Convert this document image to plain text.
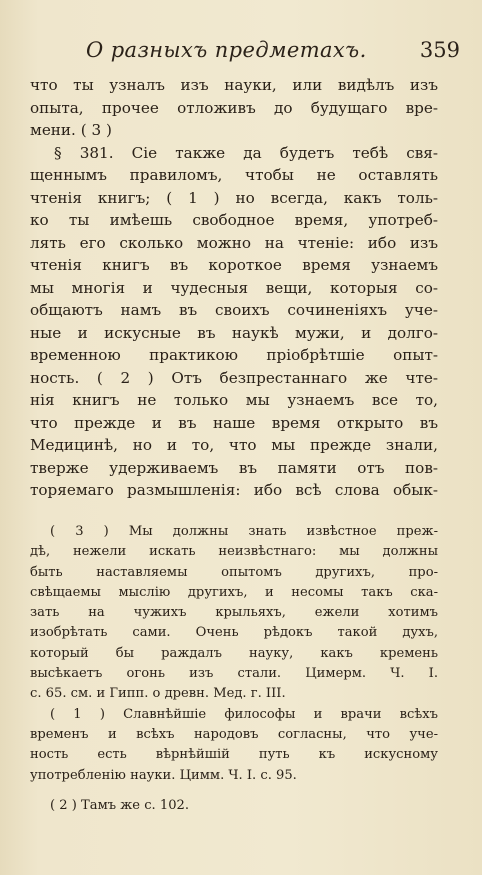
О разныхъ предметахъ.	359
что ты узналъ изъ науки, или видѣлъ изъ
опыта, прочее отложивъ до будущаго вре-
мени. ( 3 )
§ 381. Сіе также да будетъ тебѣ свя-
щеннымъ правиломъ, чтобы не оставлять
чтенія книгъ; ( 1 ) но всегда, какъ толь-
ко ты имѣешь свободное время, употреб-
лять его сколько можно на чтеніе: ибо изъ
чтенія книгъ въ короткое время узнаемъ
мы многія и чудесныя вещи, которыя со-
общаютъ намъ въ своихъ сочиненіяхъ уче-
ные и искусные въ наукѣ мужи, и долго-
временною практикою пріобрѣтшіе опыт-
ность. ( 2 ) Отъ безпрестаннаго же чте-
нія книгъ не только мы узнаемъ все то,
что прежде и въ наше время открыто въ
Медицинѣ, но и то, что мы прежде знали,
тверже удерживаемъ въ памяти отъ пов-
торяемаго размышленія: ибо всѣ слова обык-
( 3 ) Мы должны знать извѣстное преж-
дѣ, нежели искать неизвѣстнаго: мы должны
быть наставляемы опытомъ другихъ, про-
свѣщаемы мыслію другихъ, и несомы такъ ска-
зать на чужихъ крыльяхъ, ежели хотимъ
изобрѣтать сами. Очень рѣдокъ такой духъ,
который бы раждалъ науку, какъ кремень
высѣкаетъ огонь изъ стали. Цимерм. Ч. I.
с. 65. см. и Гипп. о древн. Мед. г. III.
( 1 ) Славнѣйшіе философы и врачи всѣхъ
временъ и всѣхъ народовъ согласны, что уче-
ность есть вѣрнѣйшій путь къ искусному
употребленію науки. Цимм. Ч. I. с. 95.
( 2 ) Тамъ же с. 102.
